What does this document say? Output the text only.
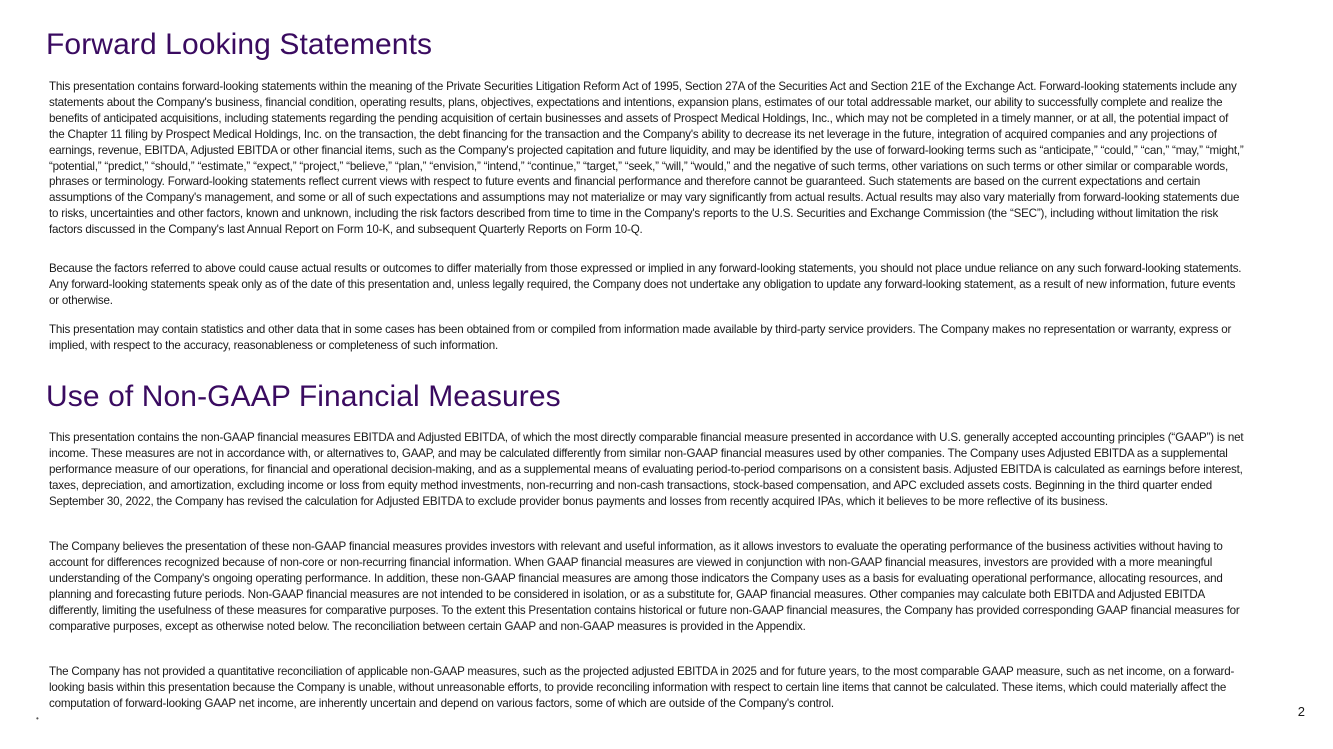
Forward Looking Statements

This presentation contains forward-looking statements within the meaning of the Private Securities Litigation Reform Act of 1995, Section 27A of the Securities Act and Section 21E of the Exchange Act. Forward-looking statements include any statements about the Company's business, financial condition, operating results, plans, objectives, expectations and intentions, expansion plans, estimates of our total addressable market, our ability to successfully complete and realize the benefits of anticipated acquisitions, including statements regarding the pending acquisition of certain businesses and assets of Prospect Medical Holdings, Inc., which may not be completed in a timely manner, or at all, the potential impact of the Chapter 11 filing by Prospect Medical Holdings, Inc. on the transaction, the debt financing for the transaction and the Company's ability to decrease its net leverage in the future, integration of acquired companies and any projections of earnings, revenue, EBITDA, Adjusted EBITDA or other financial items, such as the Company's projected capitation and future liquidity, and may be identified by the use of forward-looking terms such as “anticipate,” “could,” “can,” “may,” “might,” “potential,” “predict,” “should,” “estimate,” “expect,” “project,” “believe,” “plan,” “envision,” “intend,” “continue,” “target,” “seek,” “will,” “would,” and the negative of such terms, other variations on such terms or other similar or comparable words, phrases or terminology. Forward-looking statements reflect current views with respect to future events and financial performance and therefore cannot be guaranteed. Such statements are based on the current expectations and certain assumptions of the Company's management, and some or all of such expectations and assumptions may not materialize or may vary significantly from actual results. Actual results may also vary materially from forward-looking statements due to risks, uncertainties and other factors, known and unknown, including the risk factors described from time to time in the Company's reports to the U.S. Securities and Exchange Commission (the “SEC”), including without limitation the risk factors discussed in the Company's last Annual Report on Form 10-K, and subsequent Quarterly Reports on Form 10-Q.

Because the factors referred to above could cause actual results or outcomes to differ materially from those expressed or implied in any forward-looking statements, you should not place undue reliance on any such forward-looking statements. Any forward-looking statements speak only as of the date of this presentation and, unless legally required, the Company does not undertake any obligation to update any forward-looking statement, as a result of new information, future events or otherwise.

This presentation may contain statistics and other data that in some cases has been obtained from or compiled from information made available by third-party service providers. The Company makes no representation or warranty, express or implied, with respect to the accuracy, reasonableness or completeness of such information.

Use of Non-GAAP Financial Measures

This presentation contains the non-GAAP financial measures EBITDA and Adjusted EBITDA, of which the most directly comparable financial measure presented in accordance with U.S. generally accepted accounting principles (“GAAP”) is net income. These measures are not in accordance with, or alternatives to, GAAP, and may be calculated differently from similar non-GAAP financial measures used by other companies. The Company uses Adjusted EBITDA as a supplemental performance measure of our operations, for financial and operational decision-making, and as a supplemental means of evaluating period-to-period comparisons on a consistent basis. Adjusted EBITDA is calculated as earnings before interest, taxes, depreciation, and amortization, excluding income or loss from equity method investments, non-recurring and non-cash transactions, stock-based compensation, and APC excluded assets costs. Beginning in the third quarter ended September 30, 2022, the Company has revised the calculation for Adjusted EBITDA to exclude provider bonus payments and losses from recently acquired IPAs, which it believes to be more reflective of its business.

The Company believes the presentation of these non-GAAP financial measures provides investors with relevant and useful information, as it allows investors to evaluate the operating performance of the business activities without having to account for differences recognized because of non-core or non-recurring financial information. When GAAP financial measures are viewed in conjunction with non-GAAP financial measures, investors are provided with a more meaningful understanding of the Company's ongoing operating performance. In addition, these non-GAAP financial measures are among those indicators the Company uses as a basis for evaluating operational performance, allocating resources, and planning and forecasting future periods. Non-GAAP financial measures are not intended to be considered in isolation, or as a substitute for, GAAP financial measures. Other companies may calculate both EBITDA and Adjusted EBITDA differently, limiting the usefulness of these measures for comparative purposes. To the extent this Presentation contains historical or future non-GAAP financial measures, the Company has provided corresponding GAAP financial measures for comparative purposes, except as otherwise noted below. The reconciliation between certain GAAP and non-GAAP measures is provided in the Appendix.

The Company has not provided a quantitative reconciliation of applicable non-GAAP measures, such as the projected adjusted EBITDA in 2025 and for future years, to the most comparable GAAP measure, such as net income, on a forward-looking basis within this presentation because the Company is unable, without unreasonable efforts, to provide reconciling information with respect to certain line items that cannot be calculated. These items, which could materially affect the computation of forward-looking GAAP net income, are inherently uncertain and depend on various factors, some of which are outside of the Company's control.

•	2
